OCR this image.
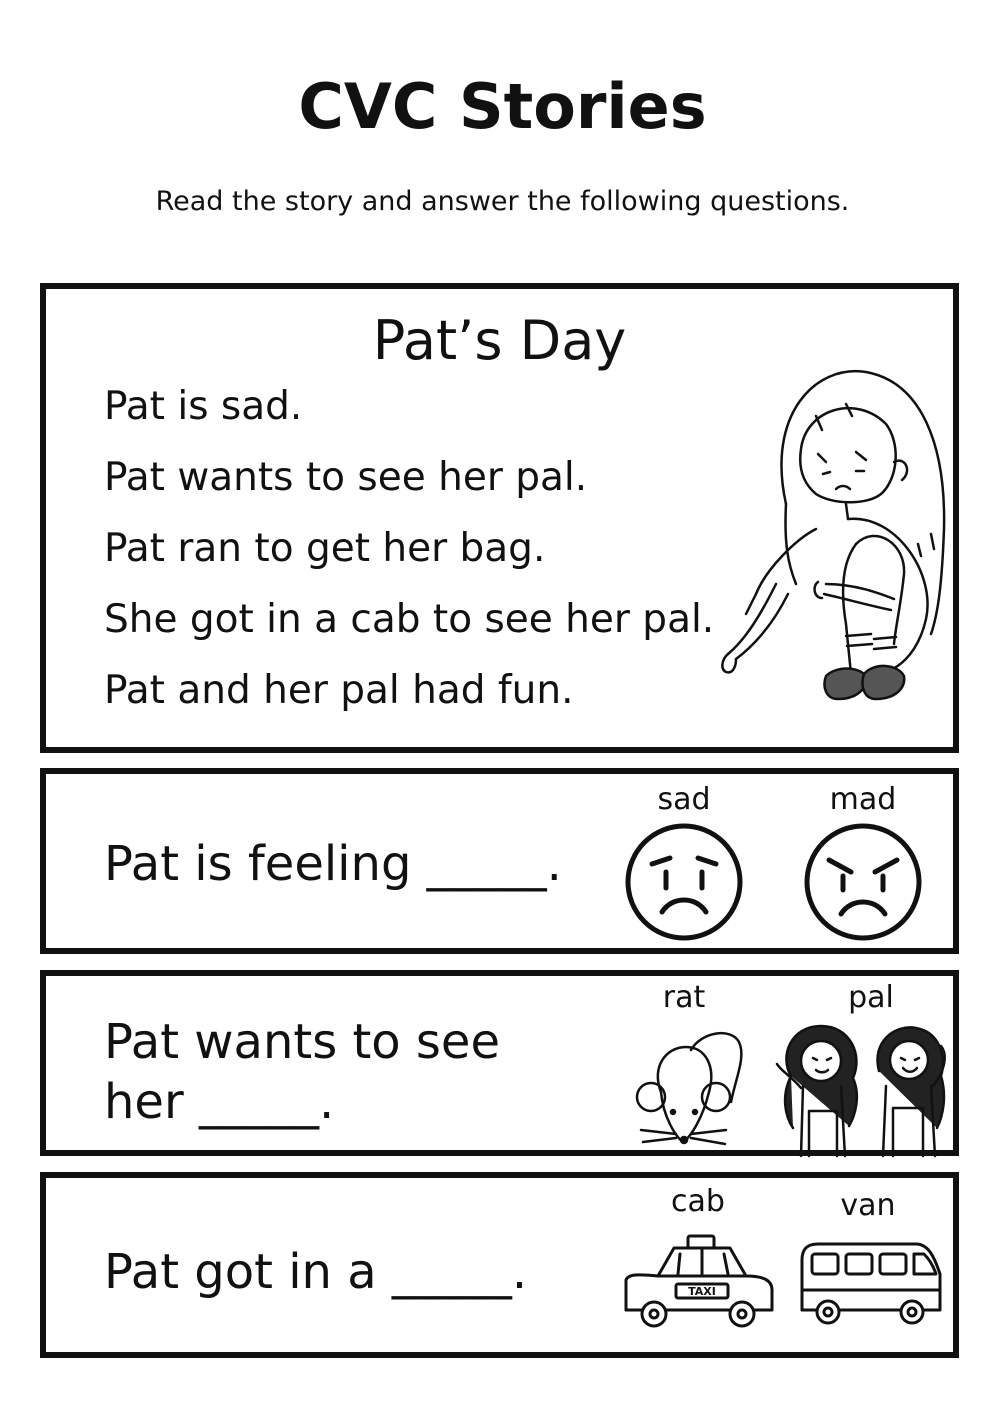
CVC Stories
Read the story and answer the following questions.
Pat’s Day
Pat is sad.
Pat wants to see her pal.
Pat ran to get her bag.
She got in a cab to see her pal.
Pat and her pal had fun.
Pat is feeling _____.
sad	mad
Pat wants to see her _____.
rat	pal
Pat got in a _____.
cab
TAXI
van
